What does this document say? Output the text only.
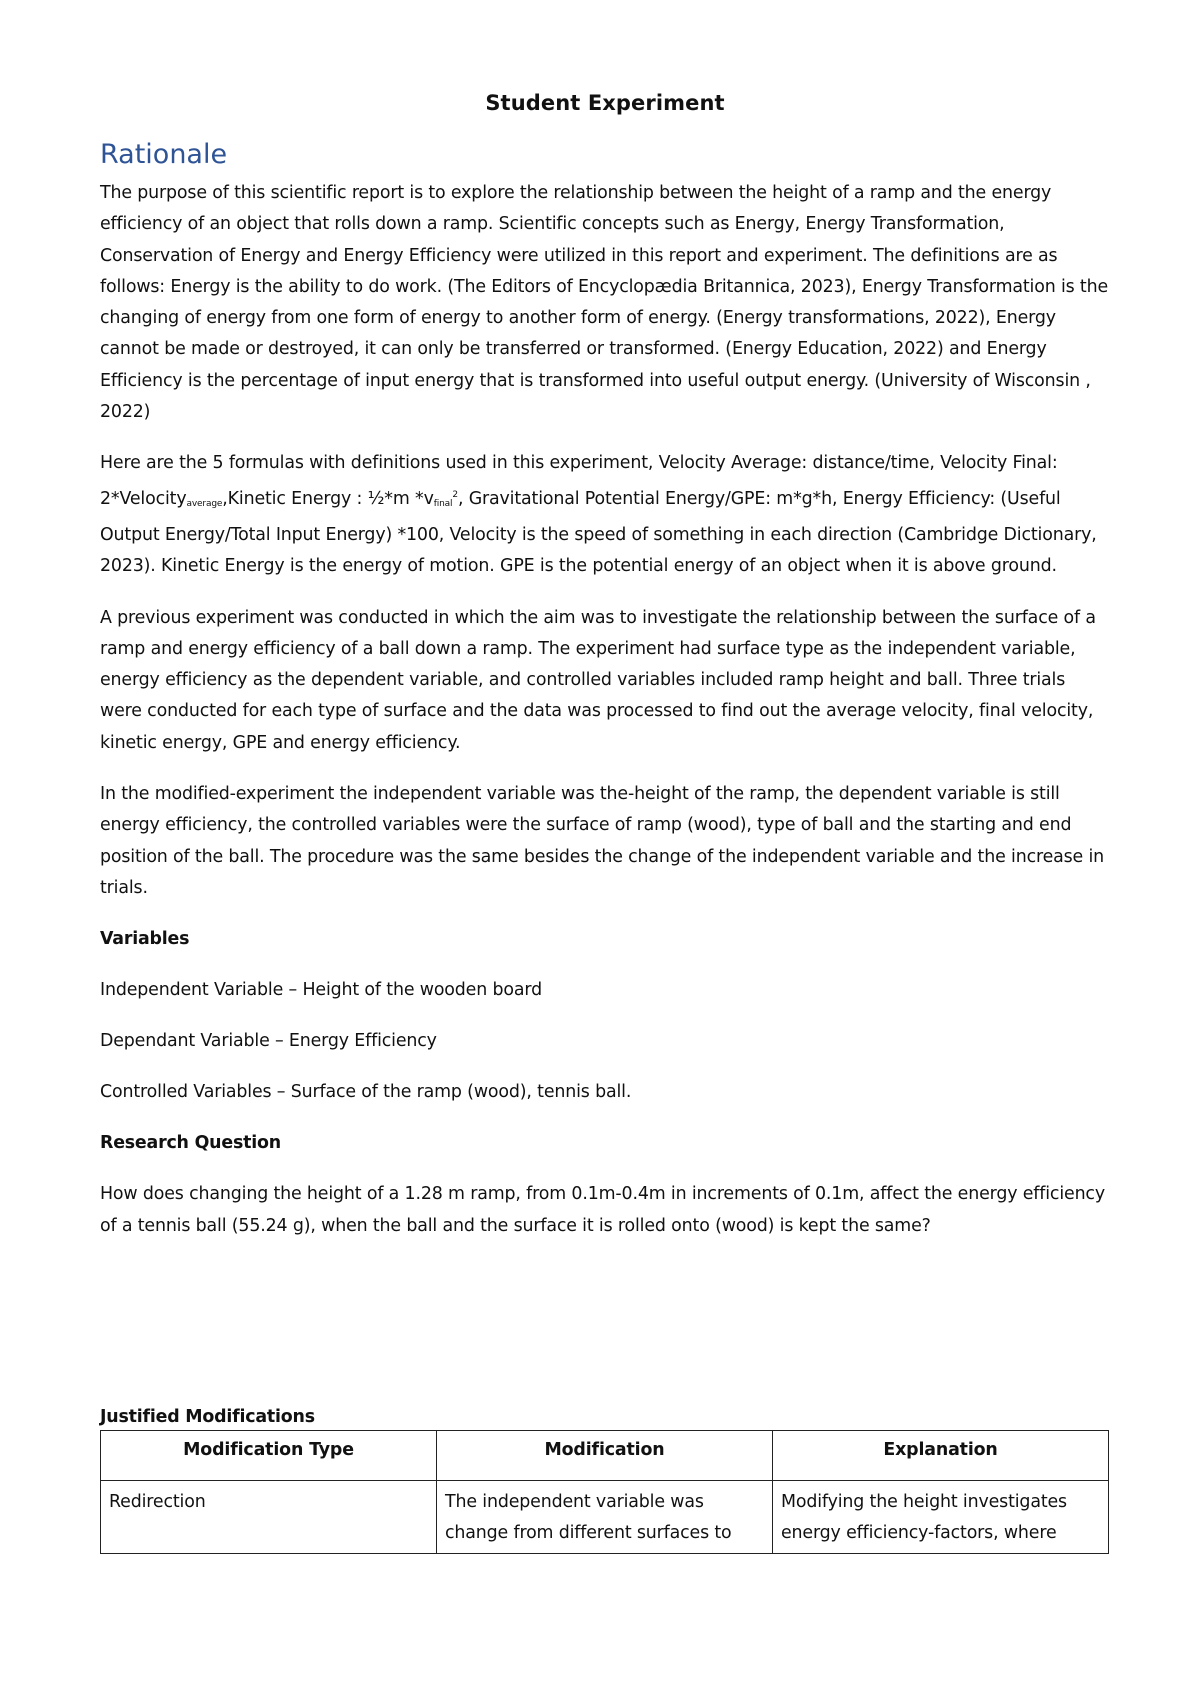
Student Experiment
Rationale

The purpose of this scientific report is to explore the relationship between the height of a ramp and the energy efficiency of an object that rolls down a ramp. Scientific concepts such as Energy, Energy Transformation, Conservation of Energy and Energy Efficiency were utilized in this report and experiment. The definitions are as follows: Energy is the ability to do work. (The Editors of Encyclopædia Britannica, 2023), Energy Transformation is the changing of energy from one form of energy to another form of energy. (Energy transformations, 2022), Energy cannot be made or destroyed, it can only be transferred or transformed. (Energy Education, 2022) and Energy Efficiency is the percentage of input energy that is transformed into useful output energy. (University of Wisconsin , 2022)

Here are the 5 formulas with definitions used in this experiment, Velocity Average: distance/time, Velocity Final: 2*Velocity$_{average}$,Kinetic Energy : ½*m $*v_{final}^2$, Gravitational Potential Energy/GPE: m*g*h, Energy Efficiency: (Useful Output Energy/Total Input Energy) *100, Velocity is the speed of something in each direction (Cambridge Dictionary, 2023). Kinetic Energy is the energy of motion. GPE is the potential energy of an object when it is above ground.

A previous experiment was conducted in which the aim was to investigate the relationship between the surface of a ramp and energy efficiency of a ball down a ramp. The experiment had surface type as the independent variable, energy efficiency as the dependent variable, and controlled variables included ramp height and ball. Three trials were conducted for each type of surface and the data was processed to find out the average velocity, final velocity, kinetic energy, GPE and energy efficiency.

In the modified-experiment the independent variable was the-height of the ramp, the dependent variable is still energy efficiency, the controlled variables were the surface of ramp (wood), type of ball and the starting and end position of the ball. The procedure was the same besides the change of the independent variable and the increase in trials.

Variables
Independent Variable – Height of the wooden board
Dependant Variable – Energy Efficiency
Controlled Variables – Surface of the ramp (wood), tennis ball.
Research Question

How does changing the height of a 1.28 m ramp, from 0.1m-0.4m in increments of 0.1m, affect the energy efficiency of a tennis ball (55.24 g), when the ball and the surface it is rolled onto (wood) is kept the same?

Justified Modifications
Modification Type	Modification	Explanation
Redirection	The independent variable was change from different surfaces to	Modifying the height investigates energy efficiency-factors, where
